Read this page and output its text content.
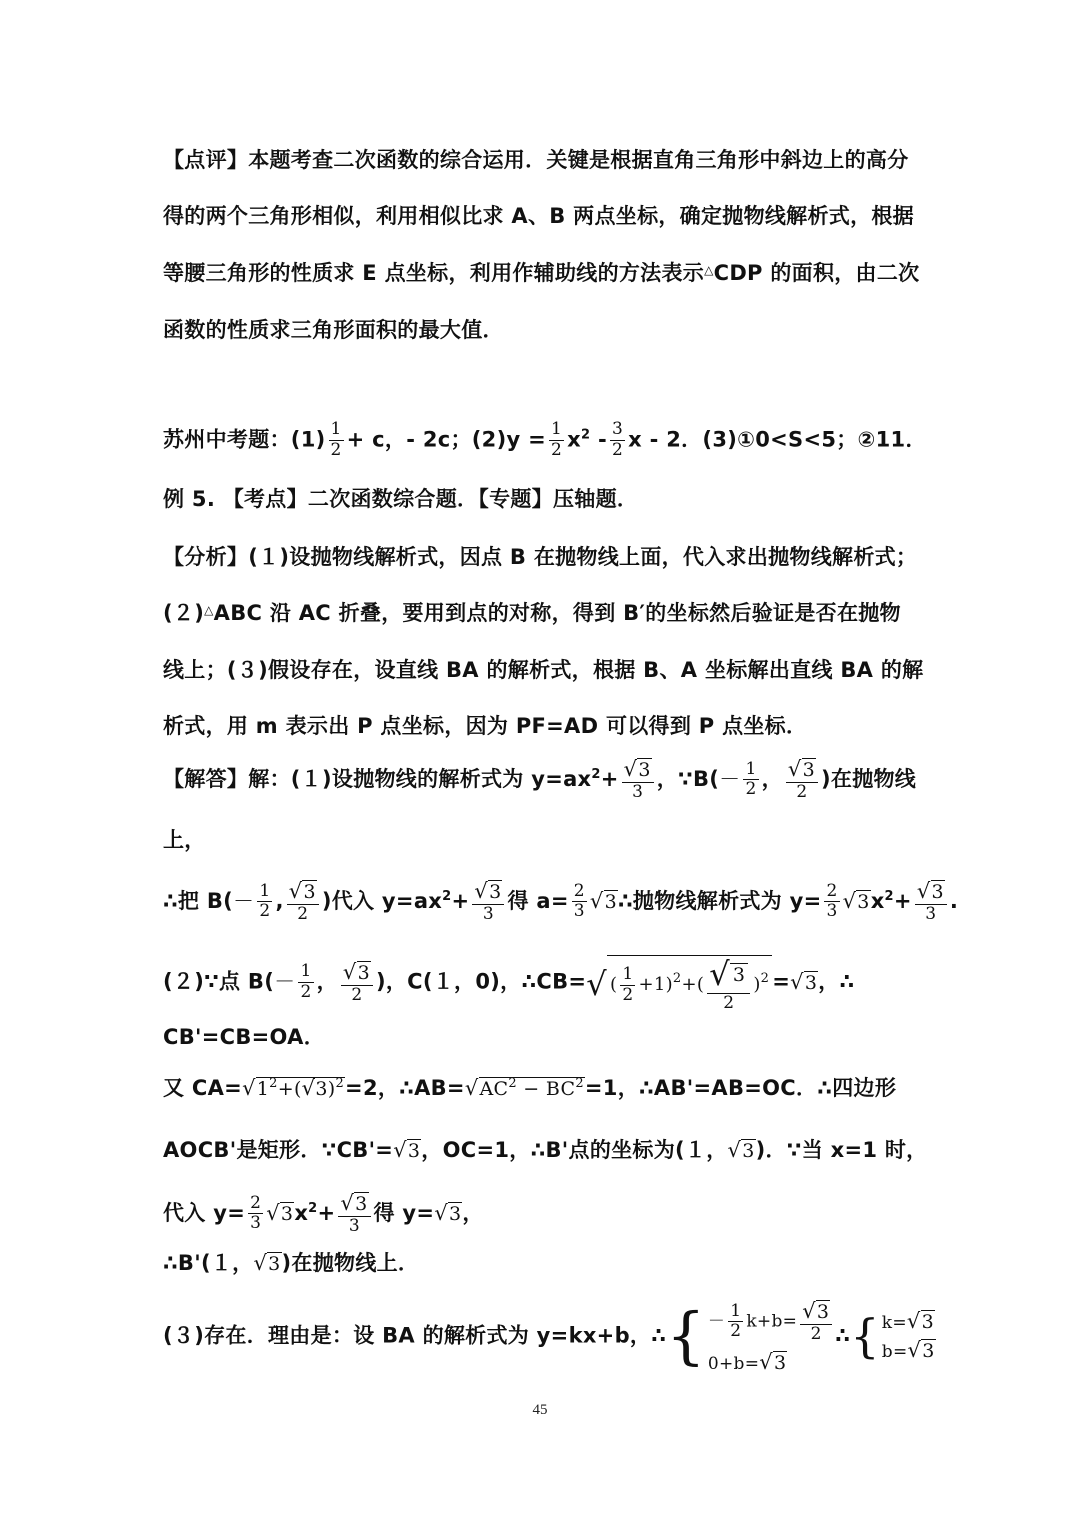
【点评】本题考查二次函数的综合运用．关键是根据直角三角形中斜边上的高分
得的两个三角形相似，利用相似比求 A、B 两点坐标，确定抛物线解析式，根据
等腰三角形的性质求 E 点坐标，利用作辅助线的方法表示△CDP 的面积，由二次
函数的性质求三角形面积的最大值．
苏州中考题：$(1) \frac{1}{2} + c$，- 2c；$(2)y = \frac{1}{2} x^2 - \frac{3}{2}$ x - 2．(3)①0<S<5；②11．
例 5. 【考点】二次函数综合题．【专题】压轴题．
【分析】(１)设抛物线解析式，因点 B 在抛物线上面，代入求出抛物线解析式；
(２)△ABC 沿 AC 折叠，要用到点的对称，得到 B′的坐标然后验证是否在抛物
线上；(３)假设存在，设直线 BA 的解析式，根据 B、A 坐标解出直线 BA 的解
析式，用 m 表示出 P 点坐标，因为 PF=AD 可以得到 P 点坐标．
【解答】解：(１)设抛物线的解析式为 $y=ax^2+ \frac{√3}{3}$ ，∵B(－ $\frac{1}{2}$ ， $\frac{√3}{2}$ )在抛物线
上，
∴把 $B(- \frac{1}{2}$ , $\frac{√3}{2}$ )代入 $y=ax^2+ \frac{√3}{3}$ 得 $a= \frac{2}{3}$ √3∴抛物线解析式为 $y= \frac{2}{3} √3x^2+ \frac{√3}{3}$ .
(２)∵点 $B(- \frac{1}{2}$ ， $\frac{√3}{2}$ )，C(１，0)，∴CB=√ ( $\frac{1}{2} +1)^2+( \frac{√ 3}{2} )^2 =√3$，∴
CB'=CB=OA．
又 $CA=√1^2+(√3)^2=2$，$\therefore AB=√AC^2 - BC^2=1$，∴AB'=AB=OC．∴四边形
AOCB'是矩形．∵CB'=√3，OC=1，∴B'点的坐标为(１，√3)．∵当 x=1 时，
代入 $y= \frac{2}{3} √3x^2+ \frac{√3}{3}$ 得 y=√3，
∴B'(１，√3)在抛物线上．
(３)存在．理由是：设 BA 的解析式为 y=kx+b，∴ { － $\frac{1}{2} k+b= \frac{√3}{2}$
0+b=√3
∴ { k=√3
b=√3
45
